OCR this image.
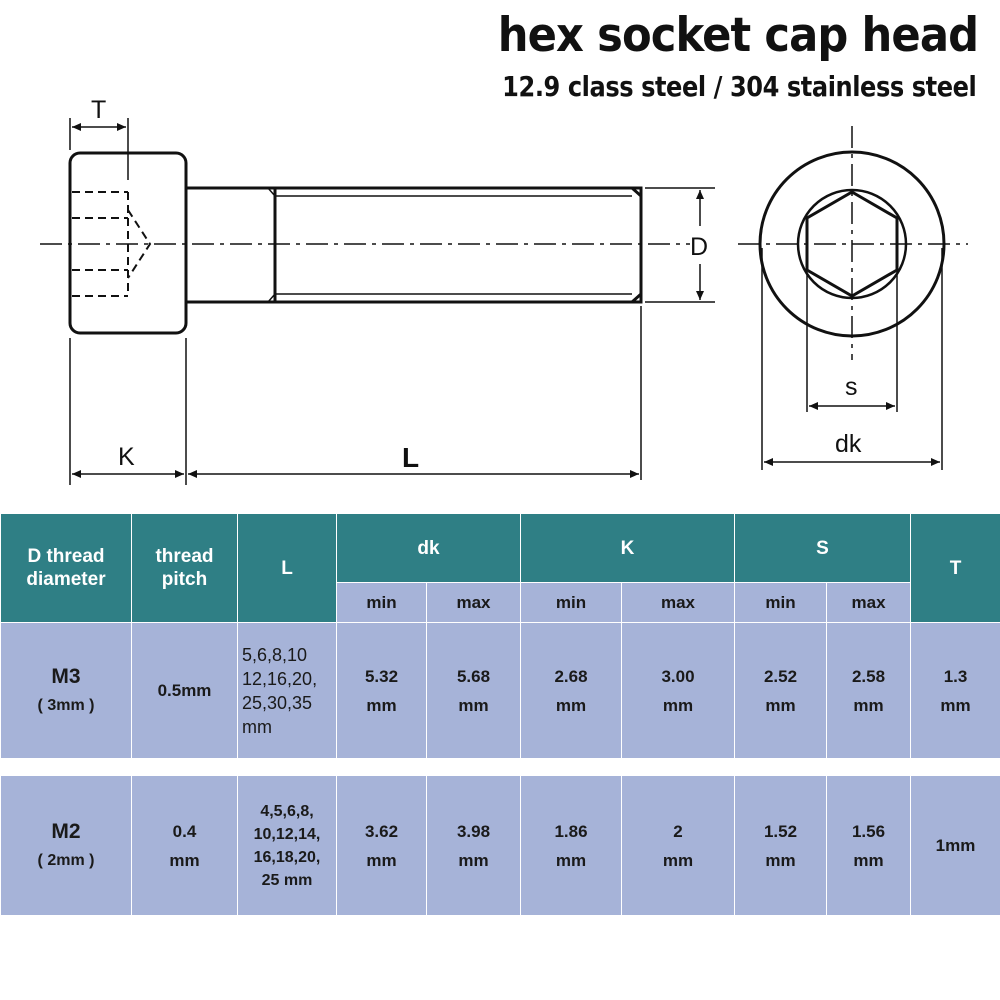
hex socket cap head
12.9 class steel / 304 stainless steel
T
D
K	L
s
dk
D thread diameter	thread pitch	L	dk		K		S		T
			min	max	min	max	min	max	

M3
( 3mm )	0.5mm	5,6,8,10 12,16,20, 25,30,35 mm	5.32 mm	5.68 mm	2.68 mm	3.00 mm	2.52 mm	2.58 mm	1.3 mm
M2
( 2mm )
	0.4 mm	4,5,6,8, 10,12,14, 16,18,20, 25 mm	3.62 mm	3.98 mm	1.86 mm	2 mm	1.52 mm	1.56 mm	1mm
